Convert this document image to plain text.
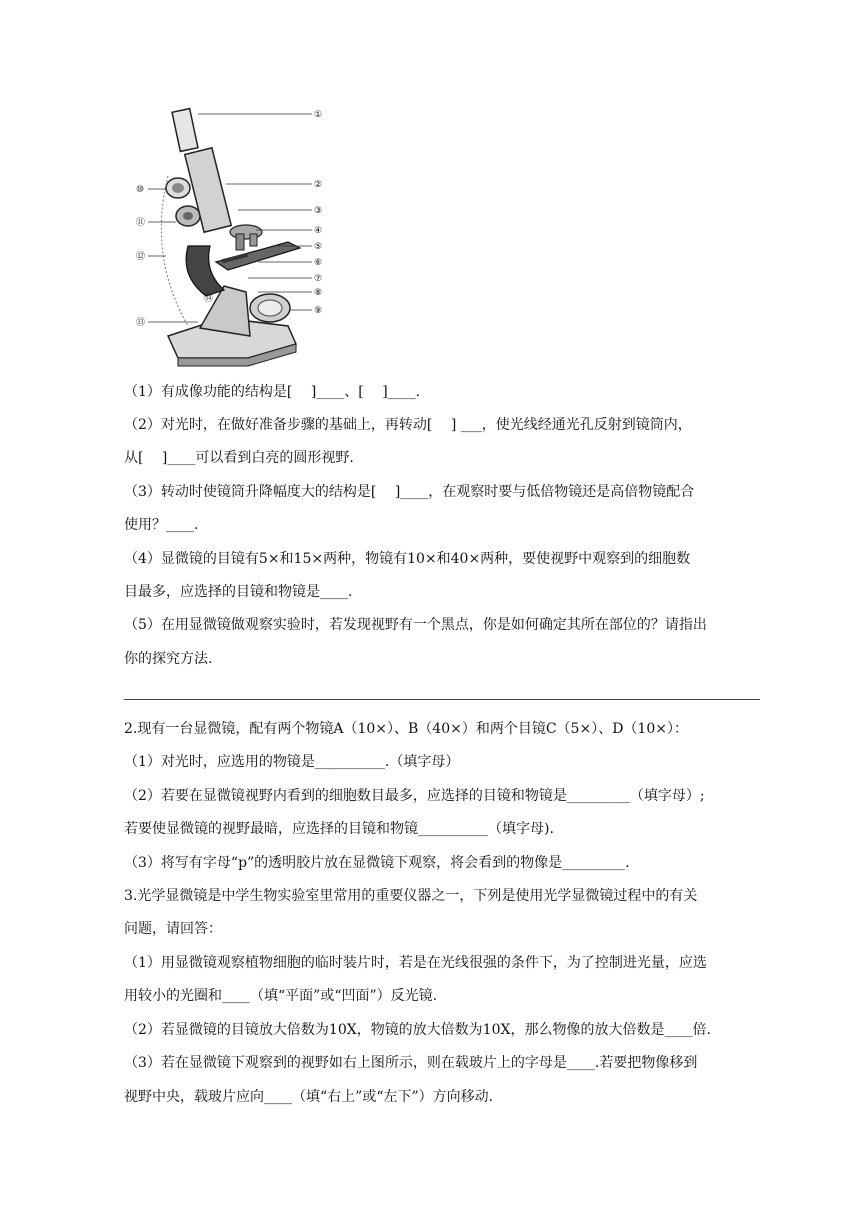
①
②
③
④
⑤
⑥
⑦
⑧
⑨
⑩
⑪
⑫
⑬
⑭
（1）有成像功能的结构是[　 ]____、[　 ]____.
（2）对光时，在做好准备步骤的基础上，再转动[　 ] ___，使光线经通光孔反射到镜筒内，
从[　 ]____可以看到白亮的圆形视野.
（3）转动时使镜筒升降幅度大的结构是[　 ]____，在观察时要与低倍物镜还是高倍物镜配合
使用？____.
（4）显微镜的目镜有5×和15×两种，物镜有10×和40×两种，要使视野中观察到的细胞数
目最多，应选择的目镜和物镜是____.
（5）在用显微镜做观察实验时，若发现视野有一个黑点，你是如何确定其所在部位的？请指出
你的探究方法.
2.现有一台显微镜，配有两个物镜A（10×）、B（40×）和两个目镜C（5×）、D（10×）：
（1）对光时，应选用的物镜是__________.（填字母）
（2）若要在显微镜视野内看到的细胞数目最多，应选择的目镜和物镜是_________（填字母）;
若要使显微镜的视野最暗，应选择的目镜和物镜__________（填字母).
（3）将写有字母“p”的透明胶片放在显微镜下观察，将会看到的物像是_________.
3.光学显微镜是中学生物实验室里常用的重要仪器之一，下列是使用光学显微镜过程中的有关
问题，请回答：
（1）用显微镜观察植物细胞的临时装片时，若是在光线很强的条件下，为了控制进光量，应选
用较小的光圈和____（填“平面”或“凹面”）反光镜.
（2）若显微镜的目镜放大倍数为10X，物镜的放大倍数为10X，那么物像的放大倍数是____倍.
（3）若在显微镜下观察到的视野如右上图所示，则在载玻片上的字母是____.若要把物像移到
视野中央，载玻片应向____（填“右上”或“左下”）方向移动.
